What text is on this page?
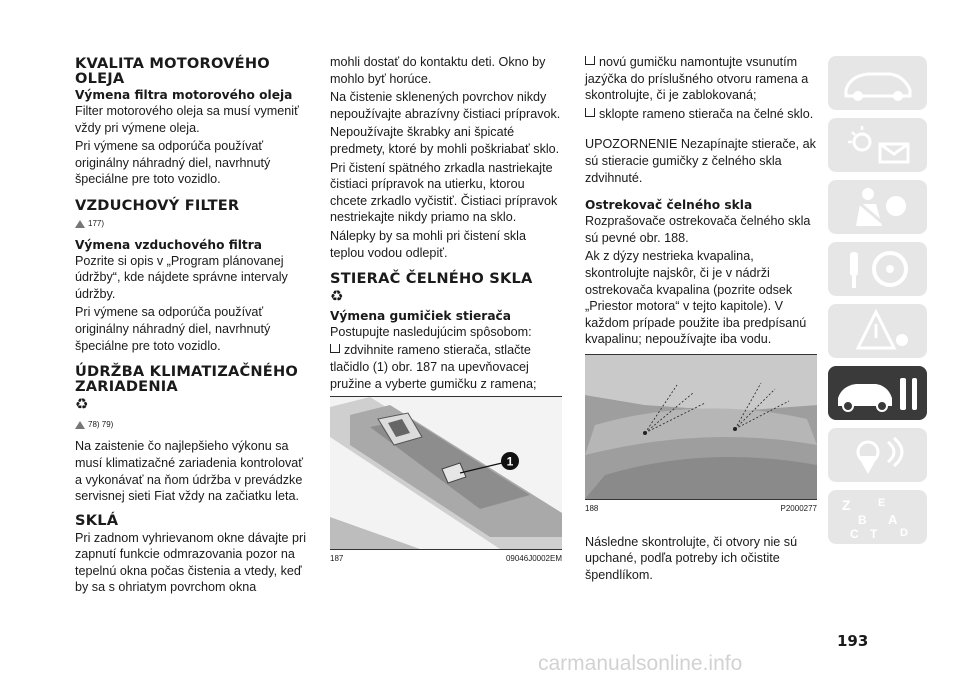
KVALITA MOTOROVÉHO OLEJA
Výmena filtra motorového oleja

Filter motorového oleja sa musí vymeniť vždy pri výmene oleja.

Pri výmene sa odporúča používať originálny náhradný diel, navrhnutý špeciálne pre toto vozidlo.

VZDUCHOVÝ FILTER
177)
Výmena vzduchového filtra

Pozrite si opis v „Program plánovanej údržby“, kde nájdete správne intervaly údržby.

Pri výmene sa odporúča používať originálny náhradný diel, navrhnutý špeciálne pre toto vozidlo.

ÚDRŽBA KLIMATIZAČNÉHO ZARIADENIA
♻
78) 79)

Na zaistenie čo najlepšieho výkonu sa musí klimatizačné zariadenia kontrolovať a vykonávať na ňom údržba v prevádzke servisnej sieti Fiat vždy na začiatku leta.

SKLÁ

Pri zadnom vyhrievanom okne dávajte pri zapnutí funkcie odmrazovania pozor na tepelnú okna počas čistenia a vtedy, keď by sa s ohriatym povrchom okna

mohli dostať do kontaktu deti. Okno by mohlo byť horúce.

Na čistenie sklenených povrchov nikdy nepoužívajte abrazívny čistiaci prípravok.

Nepoužívajte škrabky ani špicaté predmety, ktoré by mohli poškriabať sklo.

Pri čistení spätného zrkadla nastriekajte čistiaci prípravok na utierku, ktorou chcete zrkadlo vyčistiť. Čistiaci prípravok nestriekajte nikdy priamo na sklo.

Nálepky by sa mohli pri čistení skla teplou vodou odlepiť.

STIERAČ ČELNÉHO SKLA
♻
Výmena gumičiek stierača

Postupujte nasledujúcim spôsobom:

zdvihnite rameno stierača, stlačte tlačidlo (1) obr. 187 na upevňovacej pružine a vyberte gumičku z ramena;

1
187	09046J0002EM

novú gumičku namontujte vsunutím jazýčka do príslušného otvoru ramena a skontrolujte, či je zablokovaná;

sklopte rameno stierača na čelné sklo.

UPOZORNENIE Nezapínajte stierače, ak sú stieracie gumičky z čelného skla zdvihnuté.

Ostrekovač čelného skla

Rozprašovače ostrekovača čelného skla sú pevné obr. 188.

Ak z dýzy nestrieka kvapalina, skontrolujte najskôr, či je v nádrži ostrekovača kvapalina (pozrite odsek „Priestor motora“ v tejto kapitole). V každom prípade použite iba predpísanú kvapalinu; nepoužívajte iba vodu.

188	P2000277

Následne skontrolujte, či otvory nie sú upchané, podľa potreby ich očistite špendlíkom.

Z E
B A
C T D
193
carmanualsonline.info
